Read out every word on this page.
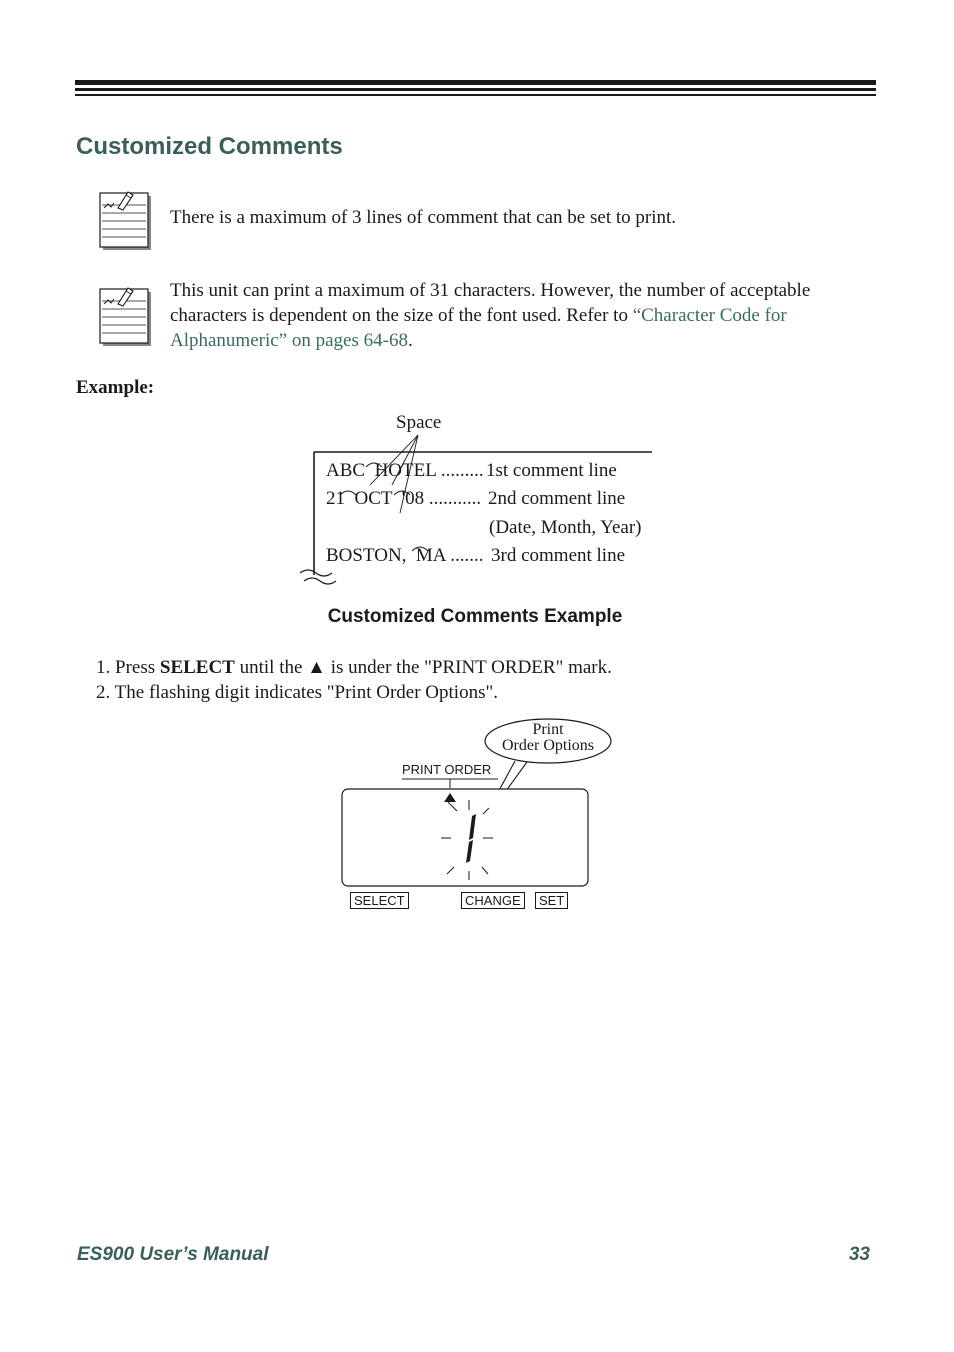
Customized Comments
There is a maximum of 3 lines of comment that can be set to print.
This unit can print a maximum of 31 characters. However, the number of acceptable characters is dependent on the size of the font used. Refer to “Character Code for Alphanumeric” on pages 64-68.
Example:
Space
ABC  HOTEL ......... 1st comment line
21  OCT  '08 ........... 2nd comment line
(Date, Month, Year)
BOSTON,  MA ....... 3rd comment line
Customized Comments Example
1. Press SELECT until the ▲ is under the "PRINT ORDER" mark.
2. The flashing digit indicates "Print Order Options".
Print
Order Options
PRINT ORDER
SELECT	CHANGE	SET
ES900 User’s Manual	33
